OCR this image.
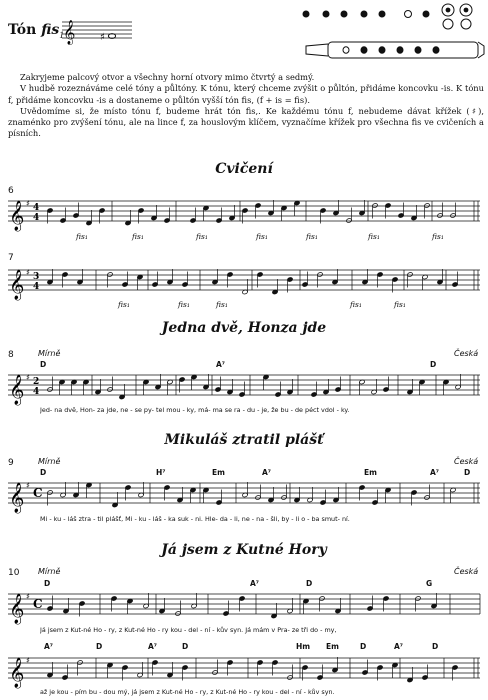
Tón fis$_1$
𝄞 ♯

Zakryjeme palcový otvor a všechny horní otvory mimo čtvrtý a sedmý.

V hudbě rozeznáváme celé tóny a půltóny. K tónu, který chceme zvýšit o půltón, přidáme koncovku -is. K tónu f, přidáme koncovku -is a dostaneme o půltón vyšší tón fis, (f + is = fis).

Uvědomíme si, že místo tónu f, budeme hrát tón fis,. Ke každému tónu f, nebudeme dávat křížek (♯), znaménko pro zvýšení tónu, ale na lince f, za houslovým klíčem, vyznačíme křížek pro všechna fis ve cvičeních a písních.

Cvičení
6
𝄞 ♯ 4
4
fis₁	fis₁	fis₁	fis₁	fis₁	fis₁	fis₁
7
𝄞 ♯ 3
4
fis₁	fis₁	fis₁	fis₁	fis₁
Jedna dvě, Honza jde
8	Mírně	Česká
D	A⁷	D
𝄞 ♯ 2
4
Jed- na dvě, Hon- za jde, ne - se py- tel mou - ky, má- ma se ra - du - je, že bu - de péct vdol - ky.
Mikuláš ztratil plášť
9	Mírně	Česká
D	H⁷	Em	A⁷	Em	A⁷	D
𝄞 ♯
C
Mi - ku - láš ztra - til plášť, Mi - ku - láš - ka suk - ni. Hle- da - li, ne - na - šli, by - li o - ba smut- ní.
Já jsem z Kutné Hory
10 Mírně	Česká
D	A⁷	D	G
𝄞 ♯
C
Já jsem z Kut-né Ho - ry, z Kut-né Ho - ry kou - del - ní - kův syn. Já mám v Pra- ze tři do - my,
A⁷	D	A⁷	D	Hm Em	D	A⁷	D
𝄞 ♯
až je kou - pím bu - dou mý, já jsem z Kut-né Ho - ry, z Kut-né Ho - ry kou - del - ní - kův syn.
